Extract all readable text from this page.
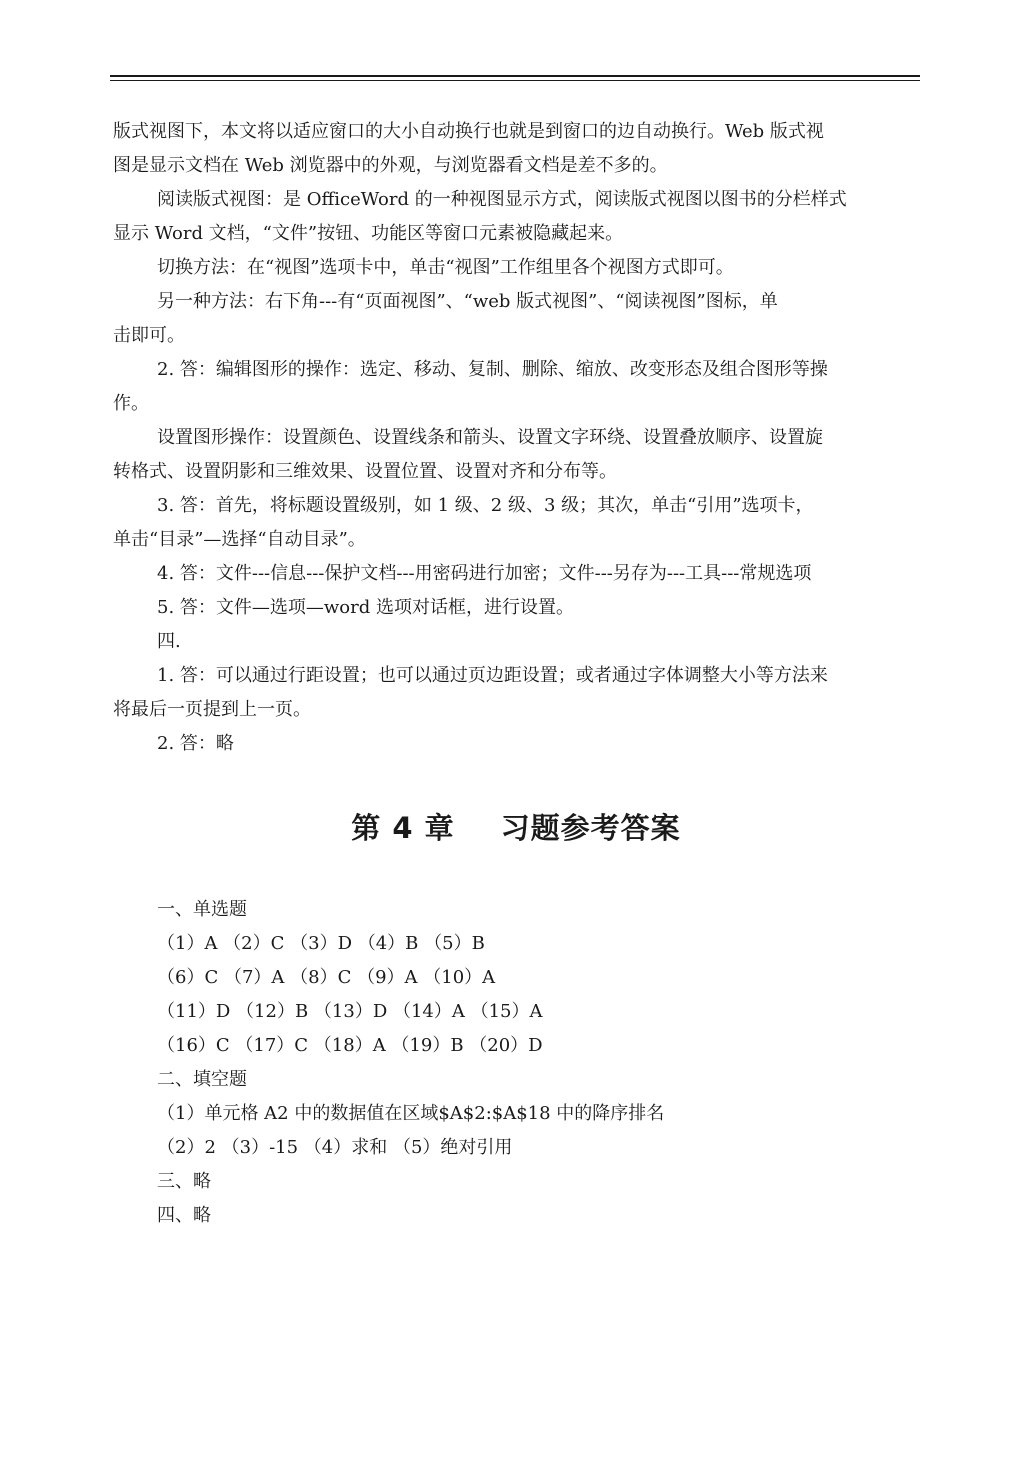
版式视图下，本文将以适应窗口的大小自动换行也就是到窗口的边自动换行。Web 版式视

图是显示文档在 Web 浏览器中的外观，与浏览器看文档是差不多的。

阅读版式视图：是 OfficeWord 的一种视图显示方式，阅读版式视图以图书的分栏样式

显示 Word 文档，“文件”按钮、功能区等窗口元素被隐藏起来。

切换方法：在“视图”选项卡中，单击“视图”工作组里各个视图方式即可。

另一种方法：右下角---有“页面视图”、“web 版式视图”、“阅读视图”图标，单

击即可。

2. 答：编辑图形的操作：选定、移动、复制、删除、缩放、改变形态及组合图形等操

作。

设置图形操作：设置颜色、设置线条和箭头、设置文字环绕、设置叠放顺序、设置旋

转格式、设置阴影和三维效果、设置位置、设置对齐和分布等。

3. 答：首先，将标题设置级别，如 1 级、2 级、3 级；其次，单击“引用”选项卡，

单击“目录”—选择“自动目录”。

4. 答：文件---信息---保护文档---用密码进行加密；文件---另存为---工具---常规选项

5. 答：文件—选项—word 选项对话框，进行设置。

四.

1. 答：可以通过行距设置；也可以通过页边距设置；或者通过字体调整大小等方法来

将最后一页提到上一页。

2. 答：略

第 4 章 习题参考答案

一、单选题

（1）A （2）C （3）D （4）B （5）B

（6）C （7）A （8）C （9）A （10）A

（11）D （12）B （13）D （14）A （15）A

（16）C （17）C （18）A （19）B （20）D

二、填空题

（1）单元格 A2 中的数据值在区域$A$2:$A$18 中的降序排名

（2）2 （3）-15 （4）求和 （5）绝对引用

三、略

四、略
